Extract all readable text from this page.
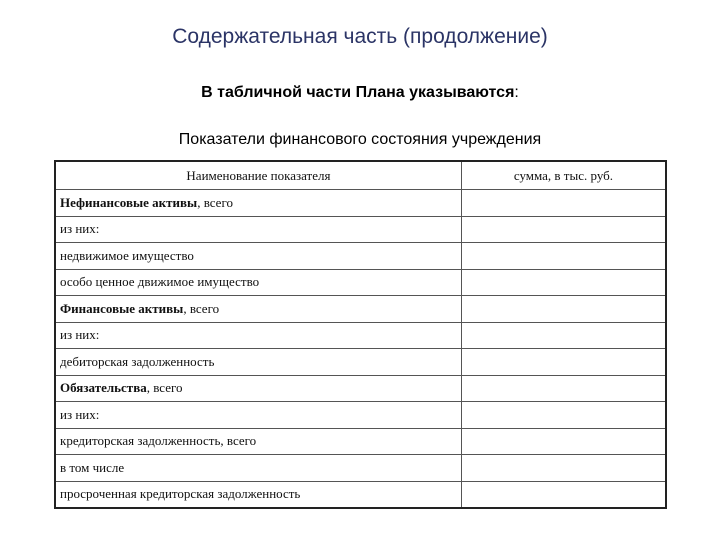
Содержательная часть (продолжение)
В табличной части Плана указываются:
Показатели финансового состояния учреждения
Наименование показателя	сумма, в тыс. руб.
Нефинансовые активы, всего	
из них:	
недвижимое имущество	
особо ценное движимое имущество	
Финансовые активы, всего	
из них:	
дебиторская задолженность	
Обязательства, всего	
из них:	
кредиторская задолженность, всего	
в том числе	
просроченная кредиторская задолженность	
